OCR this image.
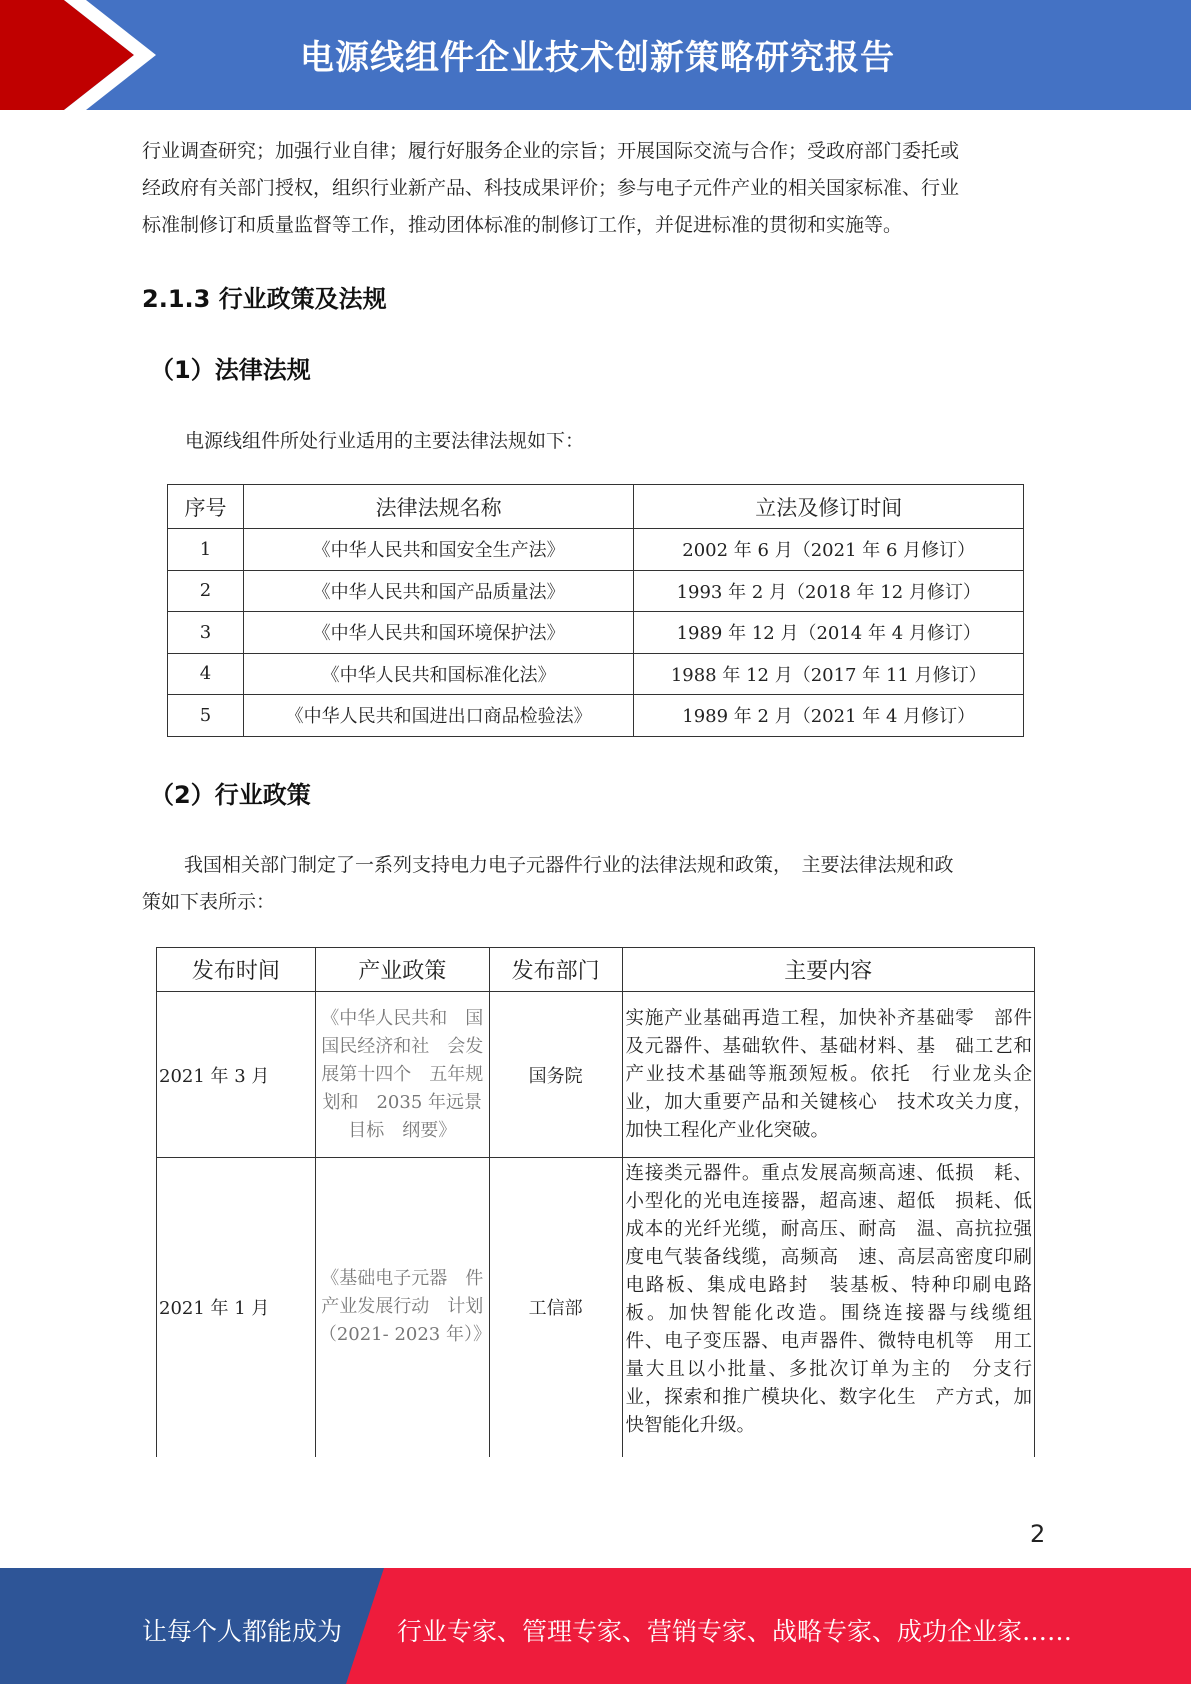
电源线组件企业技术创新策略研究报告
行业调查研究；加强行业自律；履行好服务企业的宗旨；开展国际交流与合作；受政府部门委托或
经政府有关部门授权，组织行业新产品、科技成果评价；参与电子元件产业的相关国家标准、行业
标准制修订和质量监督等工作，推动团体标准的制修订工作，并促进标准的贯彻和实施等。
2.1.3 行业政策及法规
（1）法律法规
电源线组件所处行业适用的主要法律法规如下：
序号	法律法规名称	立法及修订时间
1	《中华人民共和国安全生产法》	2002 年 6 月（2021 年 6 月修订）
2	《中华人民共和国产品质量法》	1993 年 2 月（2018 年 12 月修订）
3	《中华人民共和国环境保护法》	1989 年 12 月（2014 年 4 月修订）
4	《中华人民共和国标准化法》	1988 年 12 月（2017 年 11 月修订）
5	《中华人民共和国进出口商品检验法》	1989 年 2 月（2021 年 4 月修订）
（2）行业政策
我国相关部门制定了一系列支持电力电子元器件行业的法律法规和政策，　主要法律法规和政
策如下表所示：
发布时间	产业政策	发布部门	主要内容
2021 年 3 月	《中华人民共和　国国民经济和社　会发展第十四个　五年规划和　2035 年远景目标　纲要》	国务院	实施产业基础再造工程，加快补齐基础零　部件及元器件、基础软件、基础材料、基　础工艺和产业技术基础等瓶颈短板。依托　行业龙头企业，加大重要产品和关键核心　技术攻关力度，加快工程化产业化突破。
2021 年 1 月	《基础电子元器　件产业发展行动　计划（2021- 2023 年）》	工信部	连接类元器件。重点发展高频高速、低损　耗、小型化的光电连接器，超高速、超低　损耗、低成本的光纤光缆，耐高压、耐高　温、高抗拉强度电气装备线缆，高频高　速、高层高密度印刷电路板、集成电路封　装基板、特种印刷电路板。加快智能化改造。围绕连接器与线缆组　件、电子变压器、电声器件、微特电机等　用工量大且以小批量、多批次订单为主的　分支行业，探索和推广模块化、数字化生　产方式，加快智能化升级。
2
让每个人都能成为 行业专家、管理专家、营销专家、战略专家、成功企业家……
